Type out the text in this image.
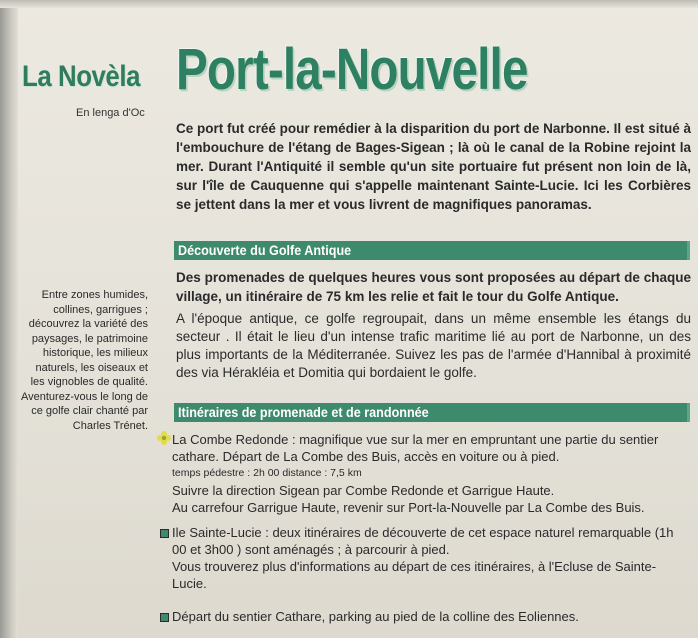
La Novèla
En lenga d'Oc
Port-la-Nouvelle
Ce port fut créé pour remédier à la disparition du port de Narbonne. Il est situé à l'embouchure de l'étang de Bages-Sigean ; là où le canal de la Robine rejoint la mer. Durant l'Antiquité il semble qu'un site portuaire fut présent non loin de là, sur l'île de Cauquenne qui s'appelle maintenant Sainte-Lucie. Ici les Corbières se jettent dans la mer et vous livrent de magnifiques panoramas.
Découverte du Golfe Antique
Des promenades de quelques heures vous sont proposées au départ de chaque village, un itinéraire de 75 km les relie et fait le tour du Golfe Antique.
A l'époque antique, ce golfe regroupait, dans un même ensemble les étangs du secteur . Il était le lieu d'un intense trafic maritime lié au port de Narbonne, un des plus importants de la Méditerranée. Suivez les pas de l'armée d'Hannibal à proximité des via Hérakléia et Domitia qui bordaient le golfe.
Entre zones humides, collines, garrigues ; découvrez la variété des paysages, le patrimoine historique, les milieux naturels, les oiseaux et les vignobles de qualité. Aventurez-vous le long de ce golfe clair chanté par Charles Trénet.
Itinéraires de promenade et de randonnée
La Combe Redonde : magnifique vue sur la mer en empruntant une partie du sentier cathare. Départ de La Combe des Buis, accès en voiture ou à pied.
temps pédestre : 2h 00 distance : 7,5 km
Suivre la direction Sigean par Combe Redonde et Garrigue Haute.
Au carrefour Garrigue Haute, revenir sur Port-la-Nouvelle par La Combe des Buis.
Ile Sainte-Lucie : deux itinéraires de découverte de cet espace naturel remarquable (1h 00 et 3h00 ) sont aménagés ; à parcourir à pied.
Vous trouverez plus d'informations au départ de ces itinéraires, à l'Ecluse de Sainte-Lucie.
Départ du sentier Cathare, parking au pied de la colline des Eoliennes.
